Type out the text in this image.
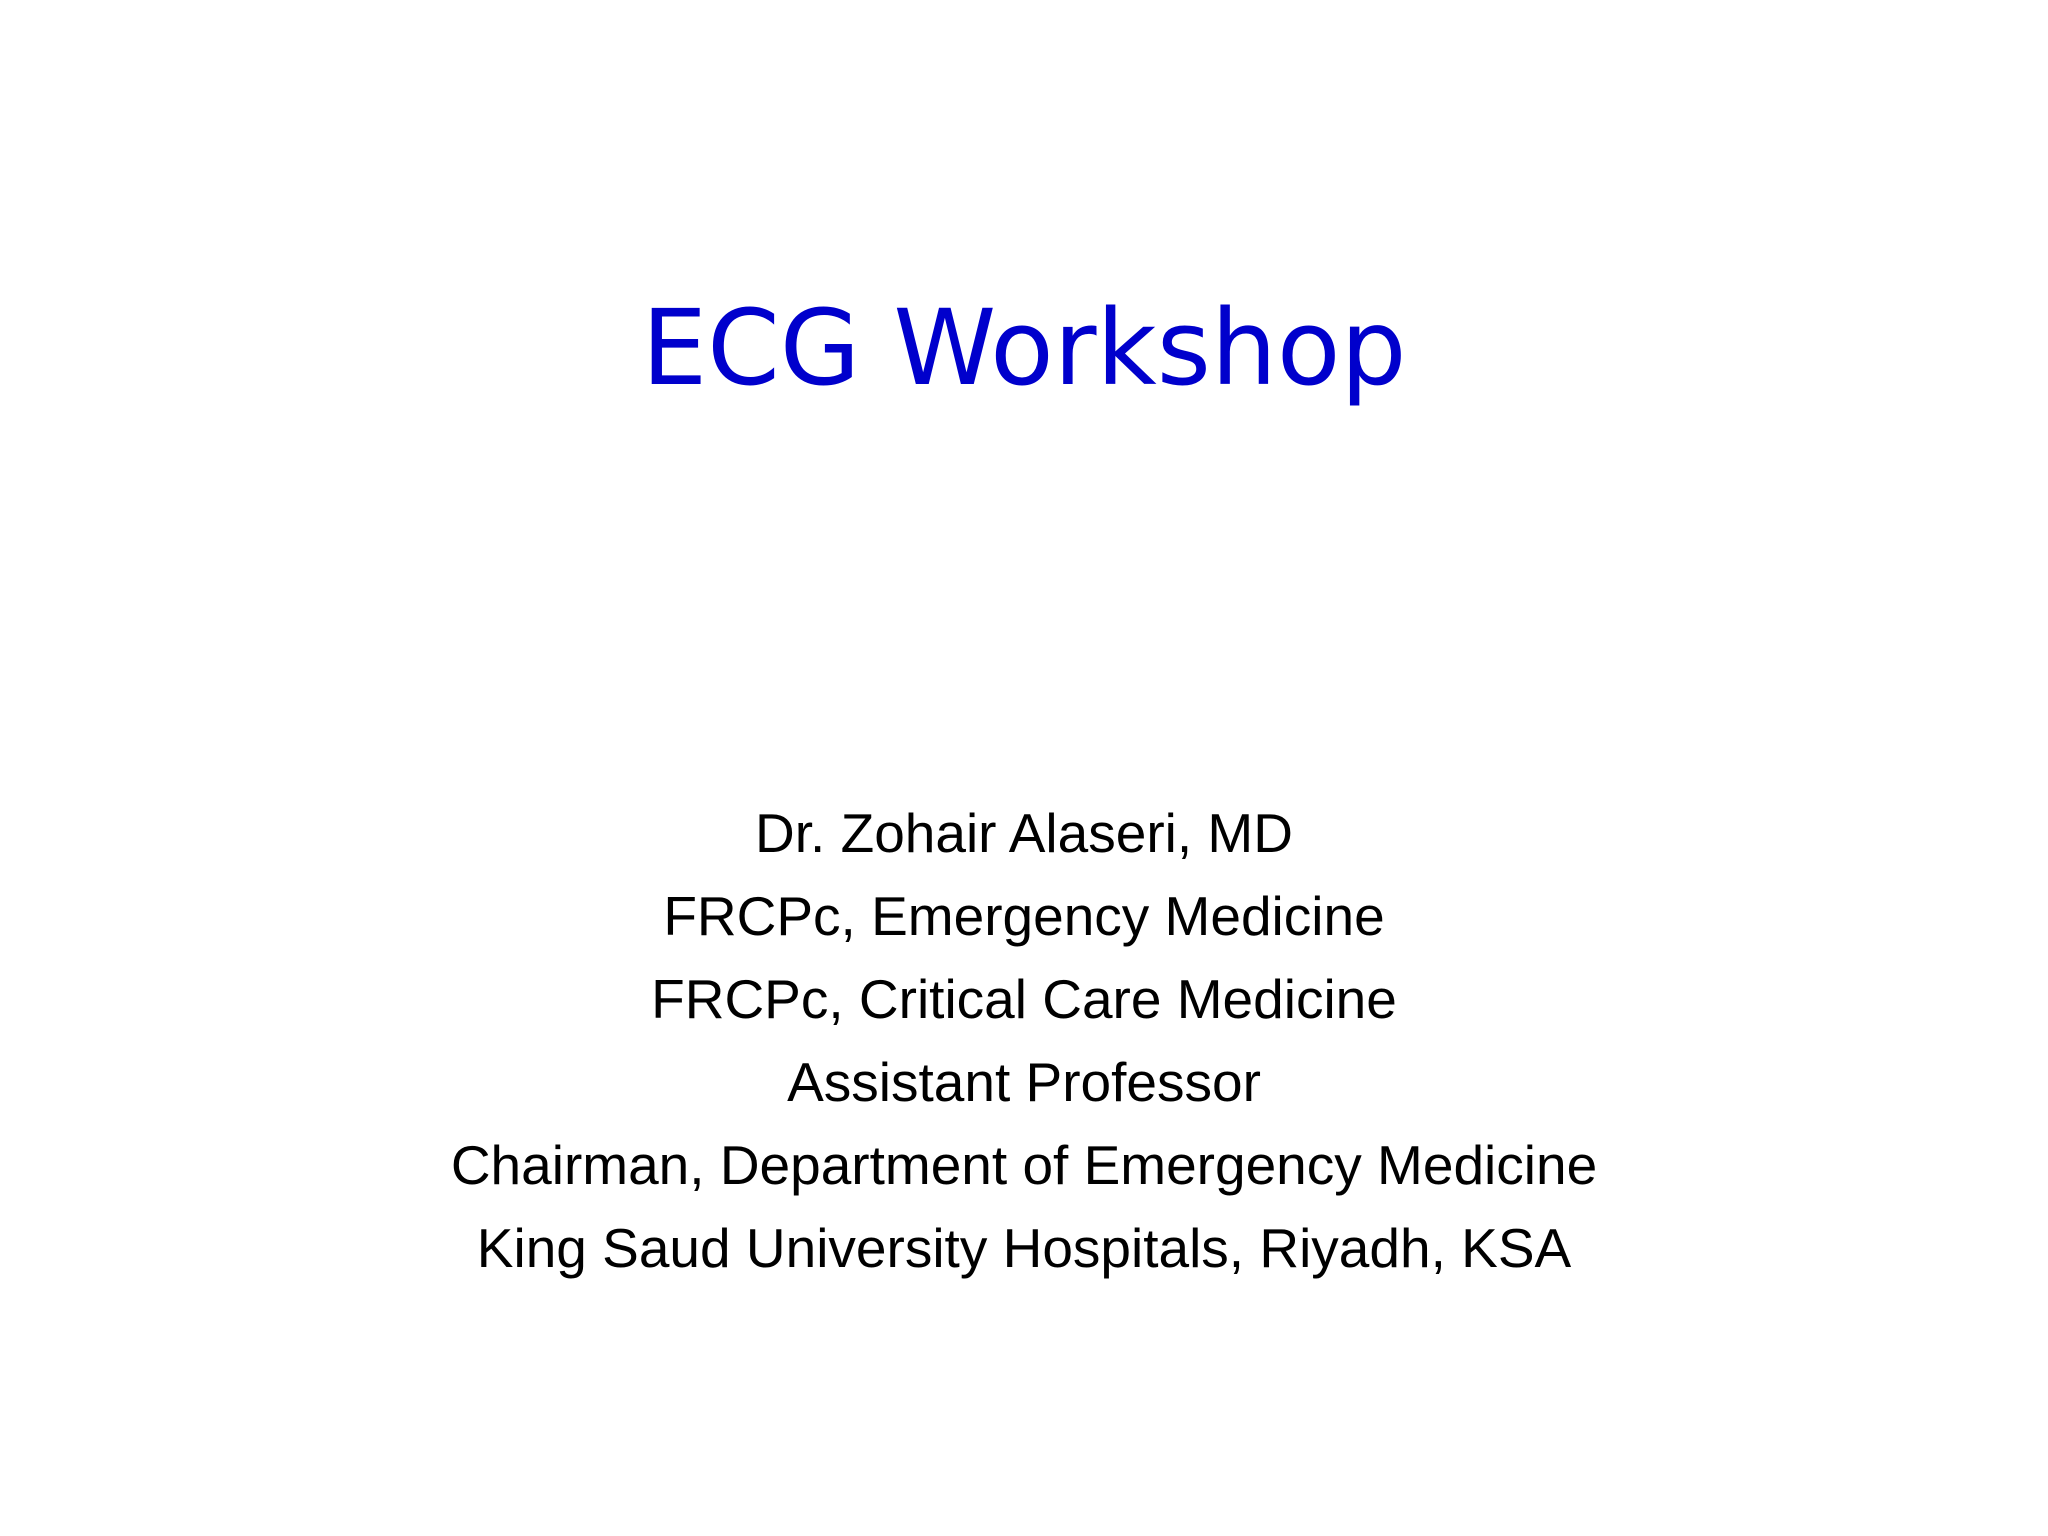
ECG Workshop
Dr. Zohair Alaseri, MD
FRCPc, Emergency Medicine
FRCPc, Critical Care Medicine
Assistant Professor
Chairman, Department of Emergency Medicine
King Saud University Hospitals, Riyadh, KSA
